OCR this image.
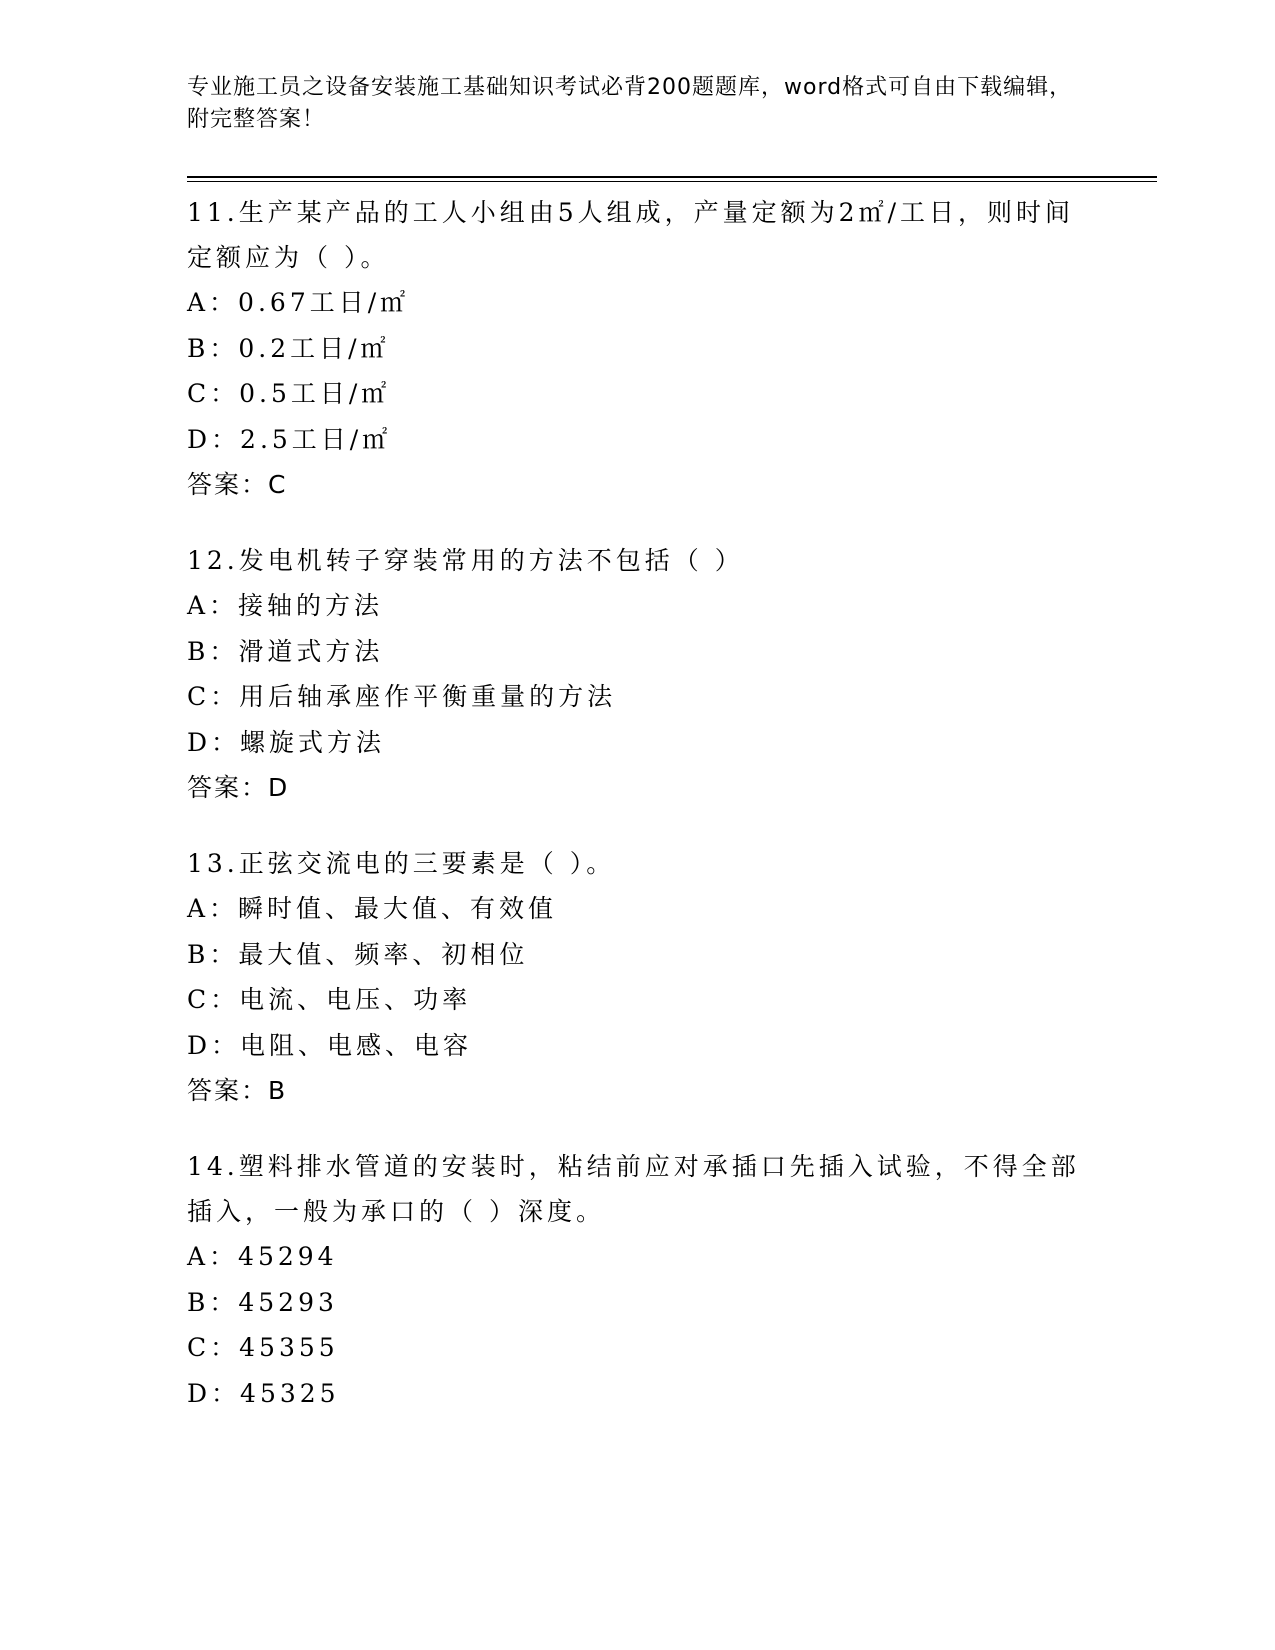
专业施工员之设备安装施工基础知识考试必背200题题库，word格式可自由下载编辑，附完整答案！
11.生产某产品的工人小组由5人组成，产量定额为2㎡/工日，则时间定额应为（ ）。
A：0.67工日/㎡
B：0.2工日/㎡
C：0.5工日/㎡
D：2.5工日/㎡
答案：C
12.发电机转子穿装常用的方法不包括（ ）
A：接轴的方法
B：滑道式方法
C：用后轴承座作平衡重量的方法
D：螺旋式方法
答案：D
13.正弦交流电的三要素是（ ）。
A：瞬时值、最大值、有效值
B：最大值、频率、初相位
C：电流、电压、功率
D：电阻、电感、电容
答案：B
14.塑料排水管道的安装时，粘结前应对承插口先插入试验，不得全部插入，一般为承口的（ ）深度。
A：45294
B：45293
C：45355
D：45325
